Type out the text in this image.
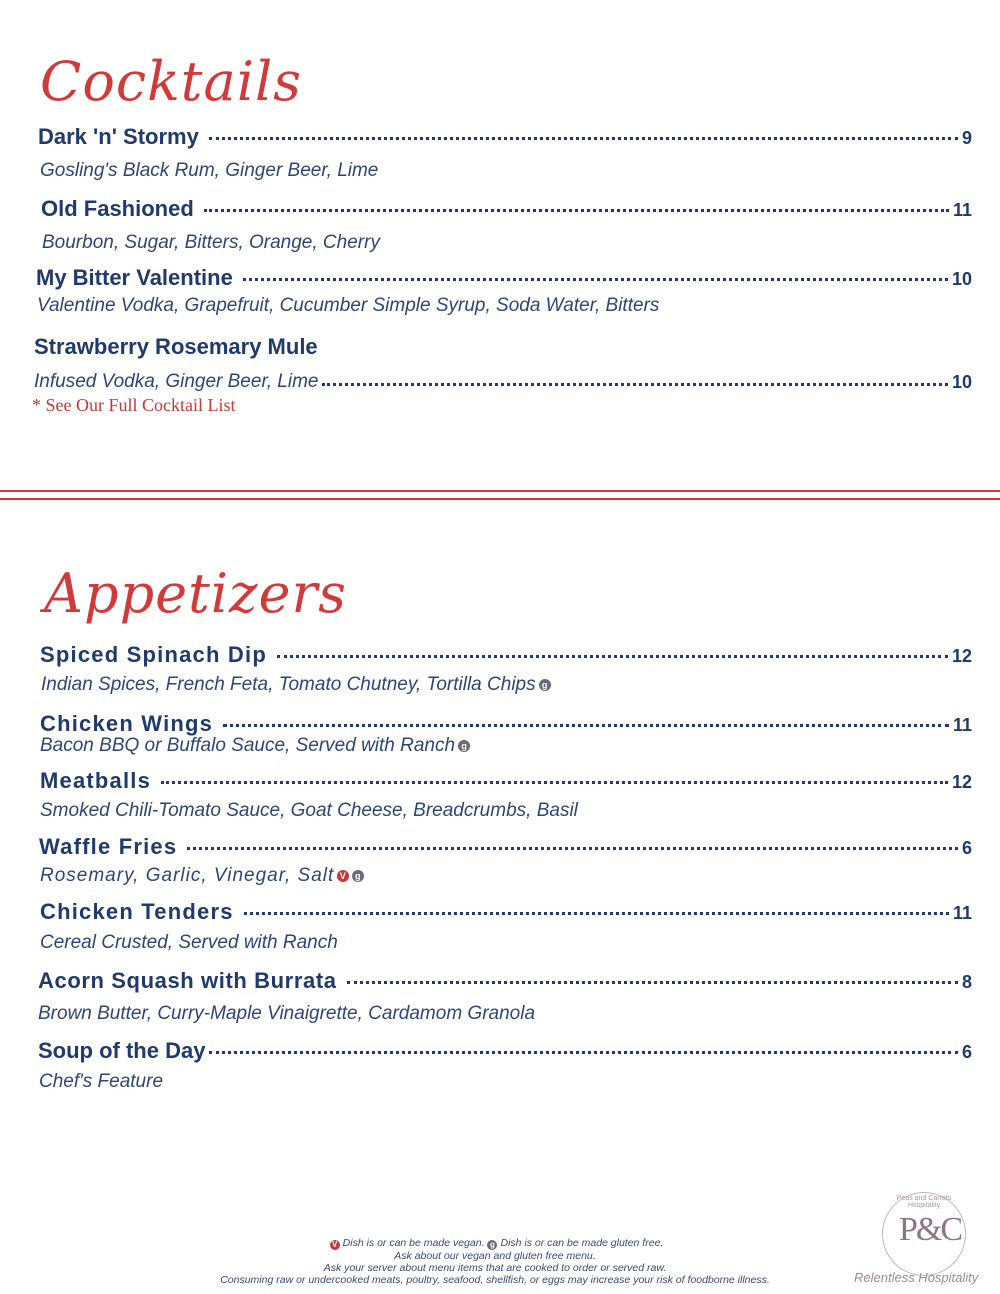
Cocktails
Dark 'n' Stormy	9
Gosling's Black Rum, Ginger Beer, Lime
Old Fashioned	11
Bourbon, Sugar, Bitters, Orange, Cherry
My Bitter Valentine	10
Valentine Vodka, Grapefruit, Cucumber Simple Syrup, Soda Water, Bitters
Strawberry Rosemary Mule
Infused Vodka, Ginger Beer, Lime	10
* See Our Full Cocktail List
Appetizers
Spiced Spinach Dip	12
Indian Spices, French Feta, Tomato Chutney, Tortilla Chips g
Chicken Wings	11
Bacon BBQ or Buffalo Sauce, Served with Ranch g
Meatballs	12
Smoked Chili-Tomato Sauce, Goat Cheese, Breadcrumbs, Basil
Waffle Fries	6
Rosemary, Garlic, Vinegar, Salt V g
Chicken Tenders	11
Cereal Crusted, Served with Ranch
Acorn Squash with Burrata	8
Brown Butter, Curry-Maple Vinaigrette, Cardamom Granola
Soup of the Day	6
Chef's Feature
V Dish is or can be made vegan. g Dish is or can be made gluten free.
Ask about our vegan and gluten free menu.
Ask your server about menu items that are cooked to order or served raw.
Consuming raw or undercooked meats, poultry, seafood, shellfish, or eggs may increase your risk of foodborne illness.
Peas and Carrots Hospitality
P&C
Relentless Hospitality
